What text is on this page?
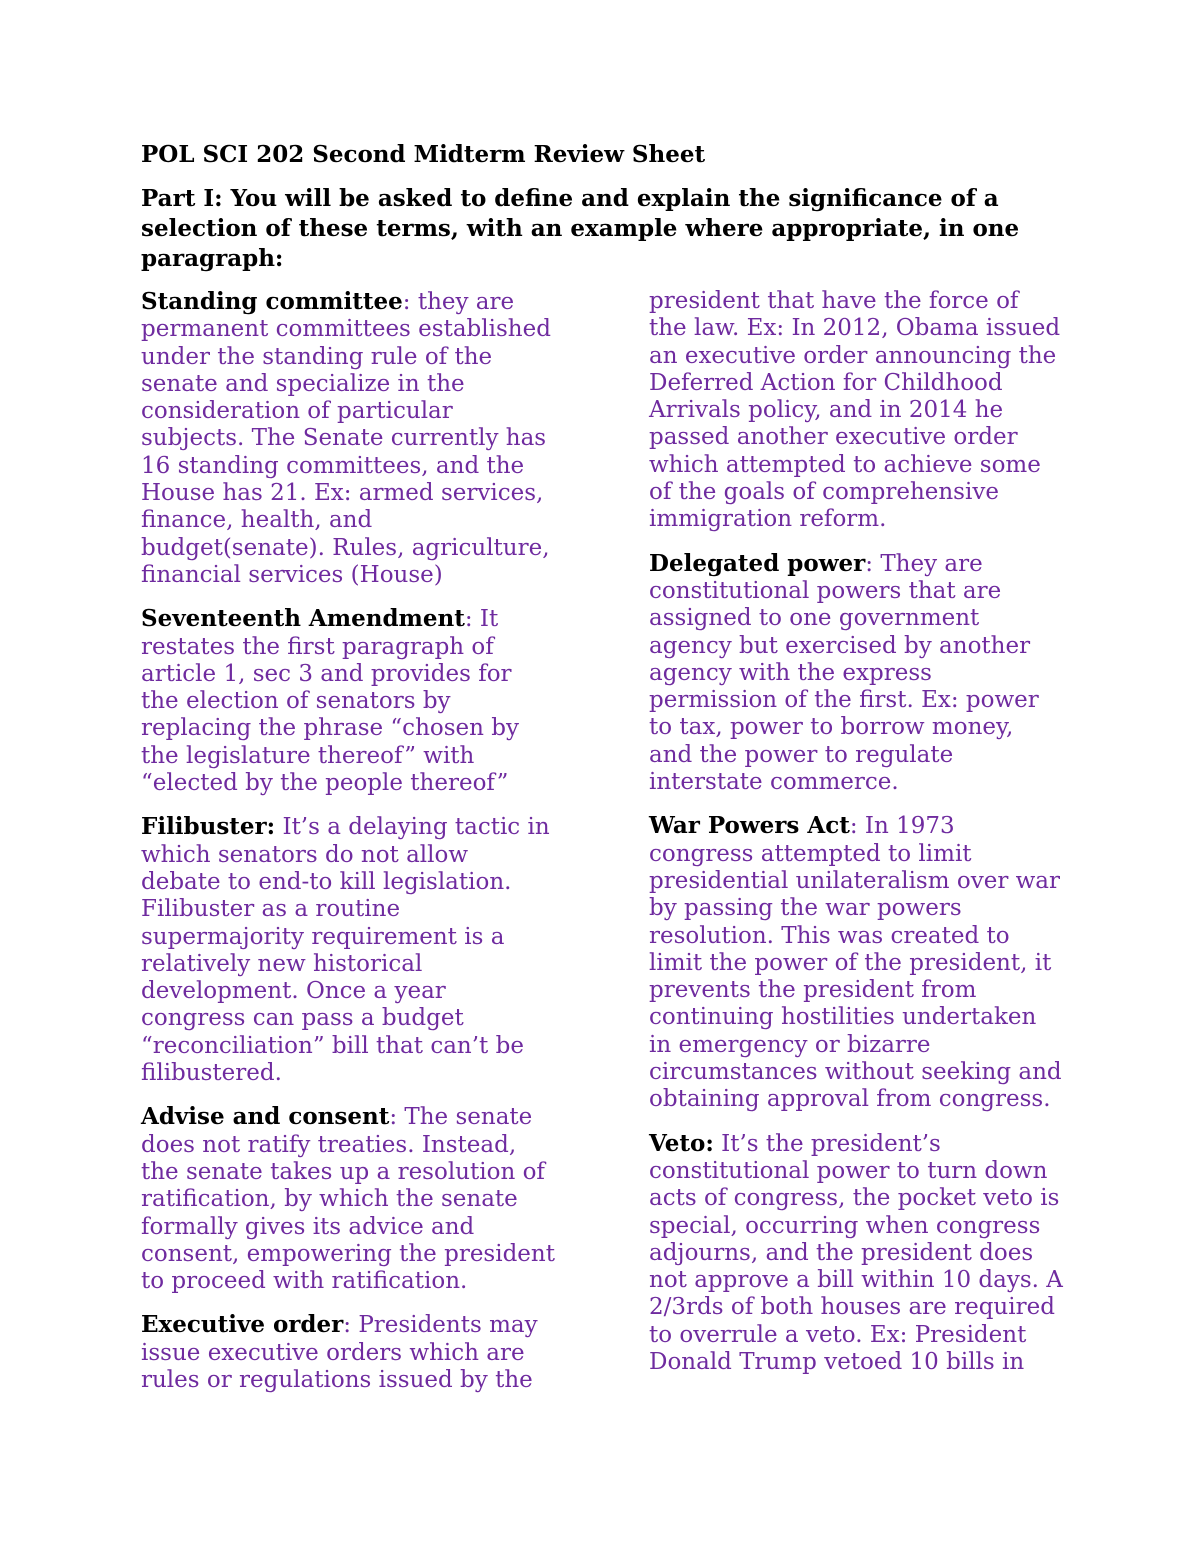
POL SCI 202 Second Midterm Review Sheet
Part I: You will be asked to define and explain the significance of a
selection of these terms, with an example where appropriate, in one
paragraph:
Standing committee: they are
permanent committees established
under the standing rule of the
senate and specialize in the
consideration of particular
subjects. The Senate currently has
16 standing committees, and the
House has 21. Ex: armed services,
finance, health, and
budget(senate). Rules, agriculture,
financial services (House)
Seventeenth Amendment: It
restates the first paragraph of
article 1, sec 3 and provides for
the election of senators by
replacing the phrase “chosen by
the legislature thereof” with
“elected by the people thereof”
Filibuster: It’s a delaying tactic in
which senators do not allow
debate to end-to kill legislation.
Filibuster as a routine
supermajority requirement is a
relatively new historical
development. Once a year
congress can pass a budget
“reconciliation” bill that can’t be
filibustered.
Advise and consent: The senate
does not ratify treaties. Instead,
the senate takes up a resolution of
ratification, by which the senate
formally gives its advice and
consent, empowering the president
to proceed with ratification.
Executive order: Presidents may
issue executive orders which are
rules or regulations issued by the
president that have the force of
the law. Ex: In 2012, Obama issued
an executive order announcing the
Deferred Action for Childhood
Arrivals policy, and in 2014 he
passed another executive order
which attempted to achieve some
of the goals of comprehensive
immigration reform.
Delegated power: They are
constitutional powers that are
assigned to one government
agency but exercised by another
agency with the express
permission of the first. Ex: power
to tax, power to borrow money,
and the power to regulate
interstate commerce.
War Powers Act: In 1973
congress attempted to limit
presidential unilateralism over war
by passing the war powers
resolution. This was created to
limit the power of the president, it
prevents the president from
continuing hostilities undertaken
in emergency or bizarre
circumstances without seeking and
obtaining approval from congress.
Veto: It’s the president’s
constitutional power to turn down
acts of congress, the pocket veto is
special, occurring when congress
adjourns, and the president does
not approve a bill within 10 days. A
2/3rds of both houses are required
to overrule a veto. Ex: President
Donald Trump vetoed 10 bills in
